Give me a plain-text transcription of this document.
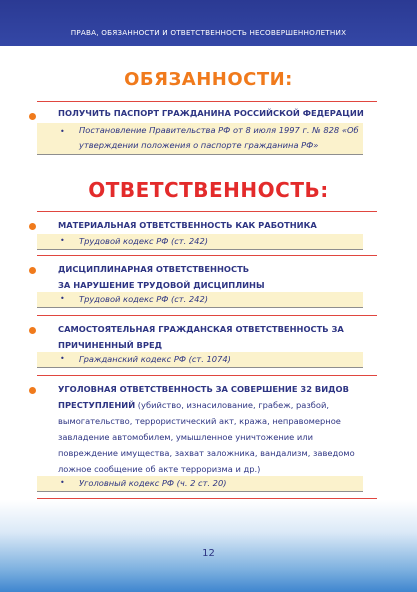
ПРАВА, ОБЯЗАННОСТИ И ОТВЕТСТВЕННОСТЬ НЕСОВЕРШЕННОЛЕТНИХ
ОБЯЗАННОСТИ:
ПОЛУЧИТЬ ПАСПОРТ ГРАЖДАНИНА РОССИЙСКОЙ ФЕДЕРАЦИИ
• Постановление Правительства РФ от 8 июля 1997 г. № 828 «Об утверждении положения о паспорте гражданина РФ»
ОТВЕТСТВЕННОСТЬ:
МАТЕРИАЛЬНАЯ ОТВЕТСТВЕННОСТЬ КАК РАБОТНИКА
• Трудовой кодекс РФ (ст. 242)
ДИСЦИПЛИНАРНАЯ ОТВЕТСТВЕННОСТЬ
ЗА НАРУШЕНИЕ ТРУДОВОЙ ДИСЦИПЛИНЫ
• Трудовой кодекс РФ (ст. 242)
САМОСТОЯТЕЛЬНАЯ ГРАЖДАНСКАЯ ОТВЕТСТВЕННОСТЬ ЗА
ПРИЧИНЕННЫЙ ВРЕД
• Гражданский кодекс РФ (ст. 1074)
УГОЛОВНАЯ ОТВЕТСТВЕННОСТЬ ЗА СОВЕРШЕНИЕ 32 ВИДОВ
ПРЕСТУПЛЕНИЙ (убийство, изнасилование, грабеж, разбой, вымогательство, террористический акт, кража, неправомерное завладение автомобилем, умышленное уничтожение или повреждение имущества, захват заложника, вандализм, заведомо ложное сообщение об акте терроризма и др.)
• Уголовный кодекс РФ (ч. 2 ст. 20)
12
